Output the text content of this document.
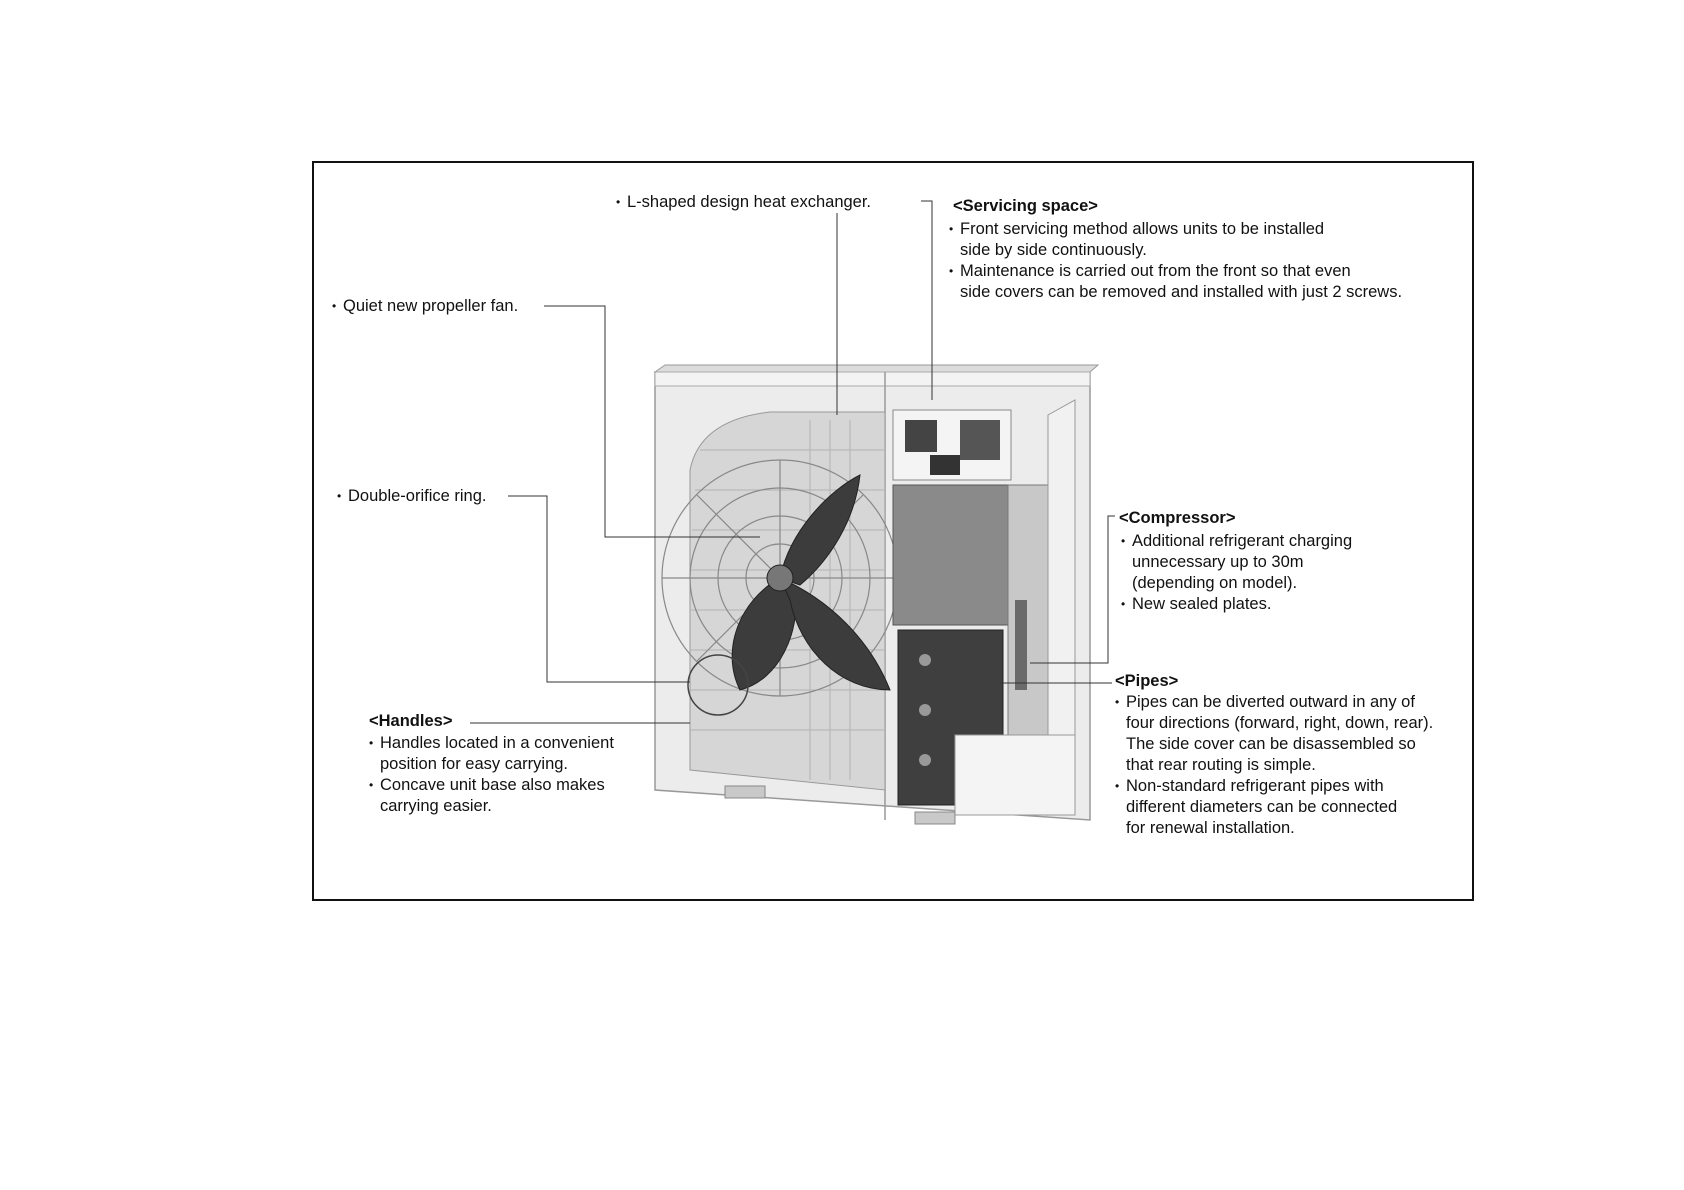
• L-shaped design heat exchanger.
• Quiet new propeller fan.
• Double-orifice ring.
<Servicing space>
• Front servicing method allows units to be installed
side by side continuously.
• Maintenance is carried out from the front so that even
side covers can be removed and installed with just 2 screws.
<Compressor>
• Additional refrigerant charging
unnecessary up to 30m
(depending on model).
• New sealed plates.
<Pipes>
• Pipes can be diverted outward in any of
four directions (forward, right, down, rear).
The side cover can be disassembled so
that rear routing is simple.
• Non-standard refrigerant pipes with
different diameters can be connected
for renewal installation.
<Handles>
• Handles located in a convenient
position for easy carrying.
• Concave unit base also makes
carrying easier.
